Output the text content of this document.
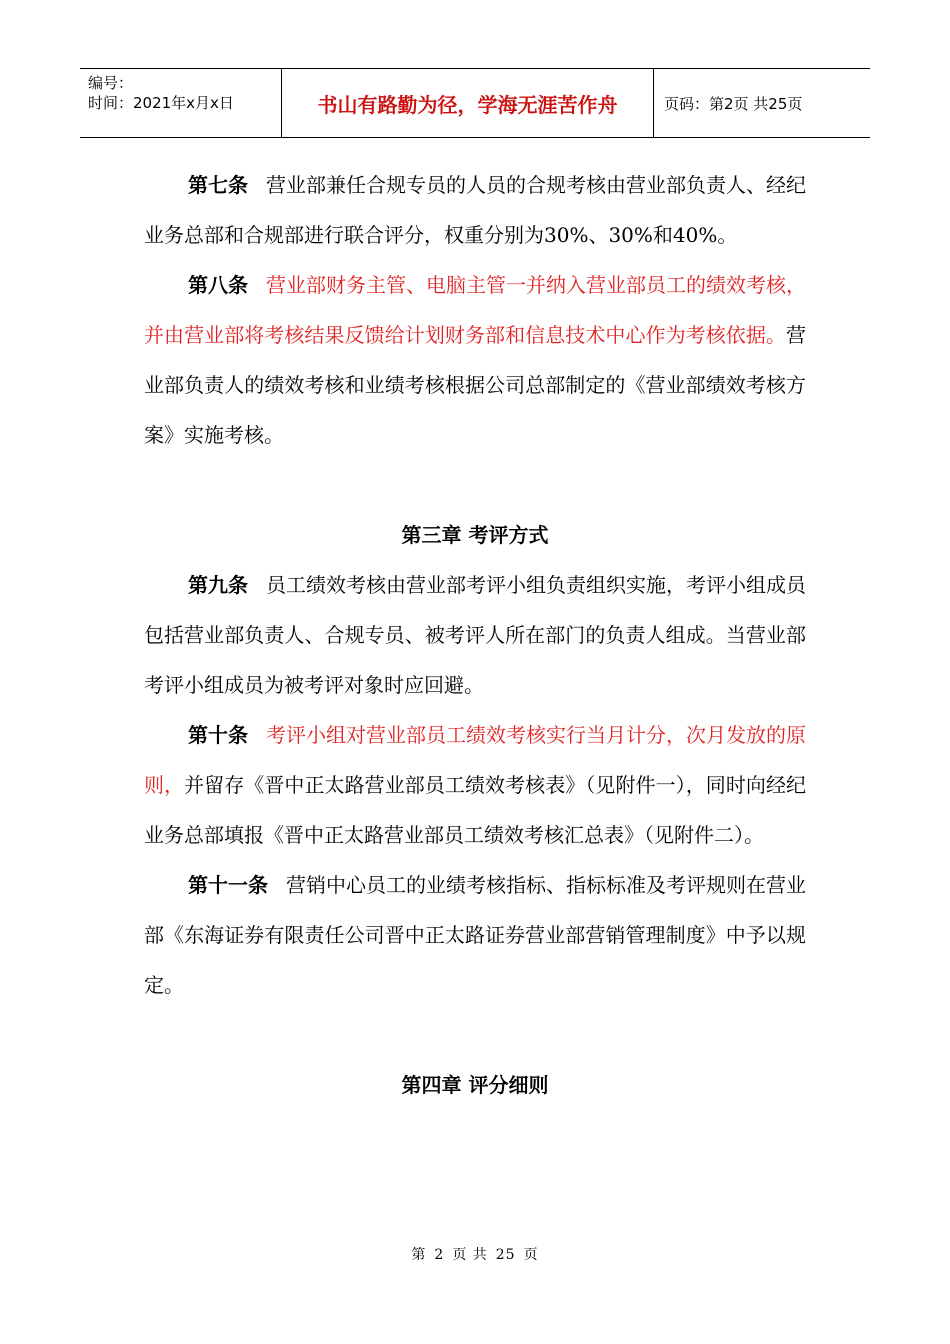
编号：
时间：2021年x月x日	书山有路勤为径，学海无涯苦作舟	页码：第2页 共25页

第七条 营业部兼任合规专员的人员的合规考核由营业部负责人、经纪业务总部和合规部进行联合评分，权重分别为30%、30%和40%。

第八条 营业部财务主管、电脑主管一并纳入营业部员工的绩效考核，并由营业部将考核结果反馈给计划财务部和信息技术中心作为考核依据。营业部负责人的绩效考核和业绩考核根据公司总部制定的《营业部绩效考核方案》实施考核。

第三章 考评方式

第九条 员工绩效考核由营业部考评小组负责组织实施，考评小组成员包括营业部负责人、合规专员、被考评人所在部门的负责人组成。当营业部考评小组成员为被考评对象时应回避。

第十条 考评小组对营业部员工绩效考核实行当月计分，次月发放的原则，并留存《晋中正太路营业部员工绩效考核表》（见附件一），同时向经纪业务总部填报《晋中正太路营业部员工绩效考核汇总表》（见附件二）。

第十一条 营销中心员工的业绩考核指标、指标标准及考评规则在营业部《东海证券有限责任公司晋中正太路证券营业部营销管理制度》中予以规定。

第四章 评分细则

第 2 页 共 25 页
